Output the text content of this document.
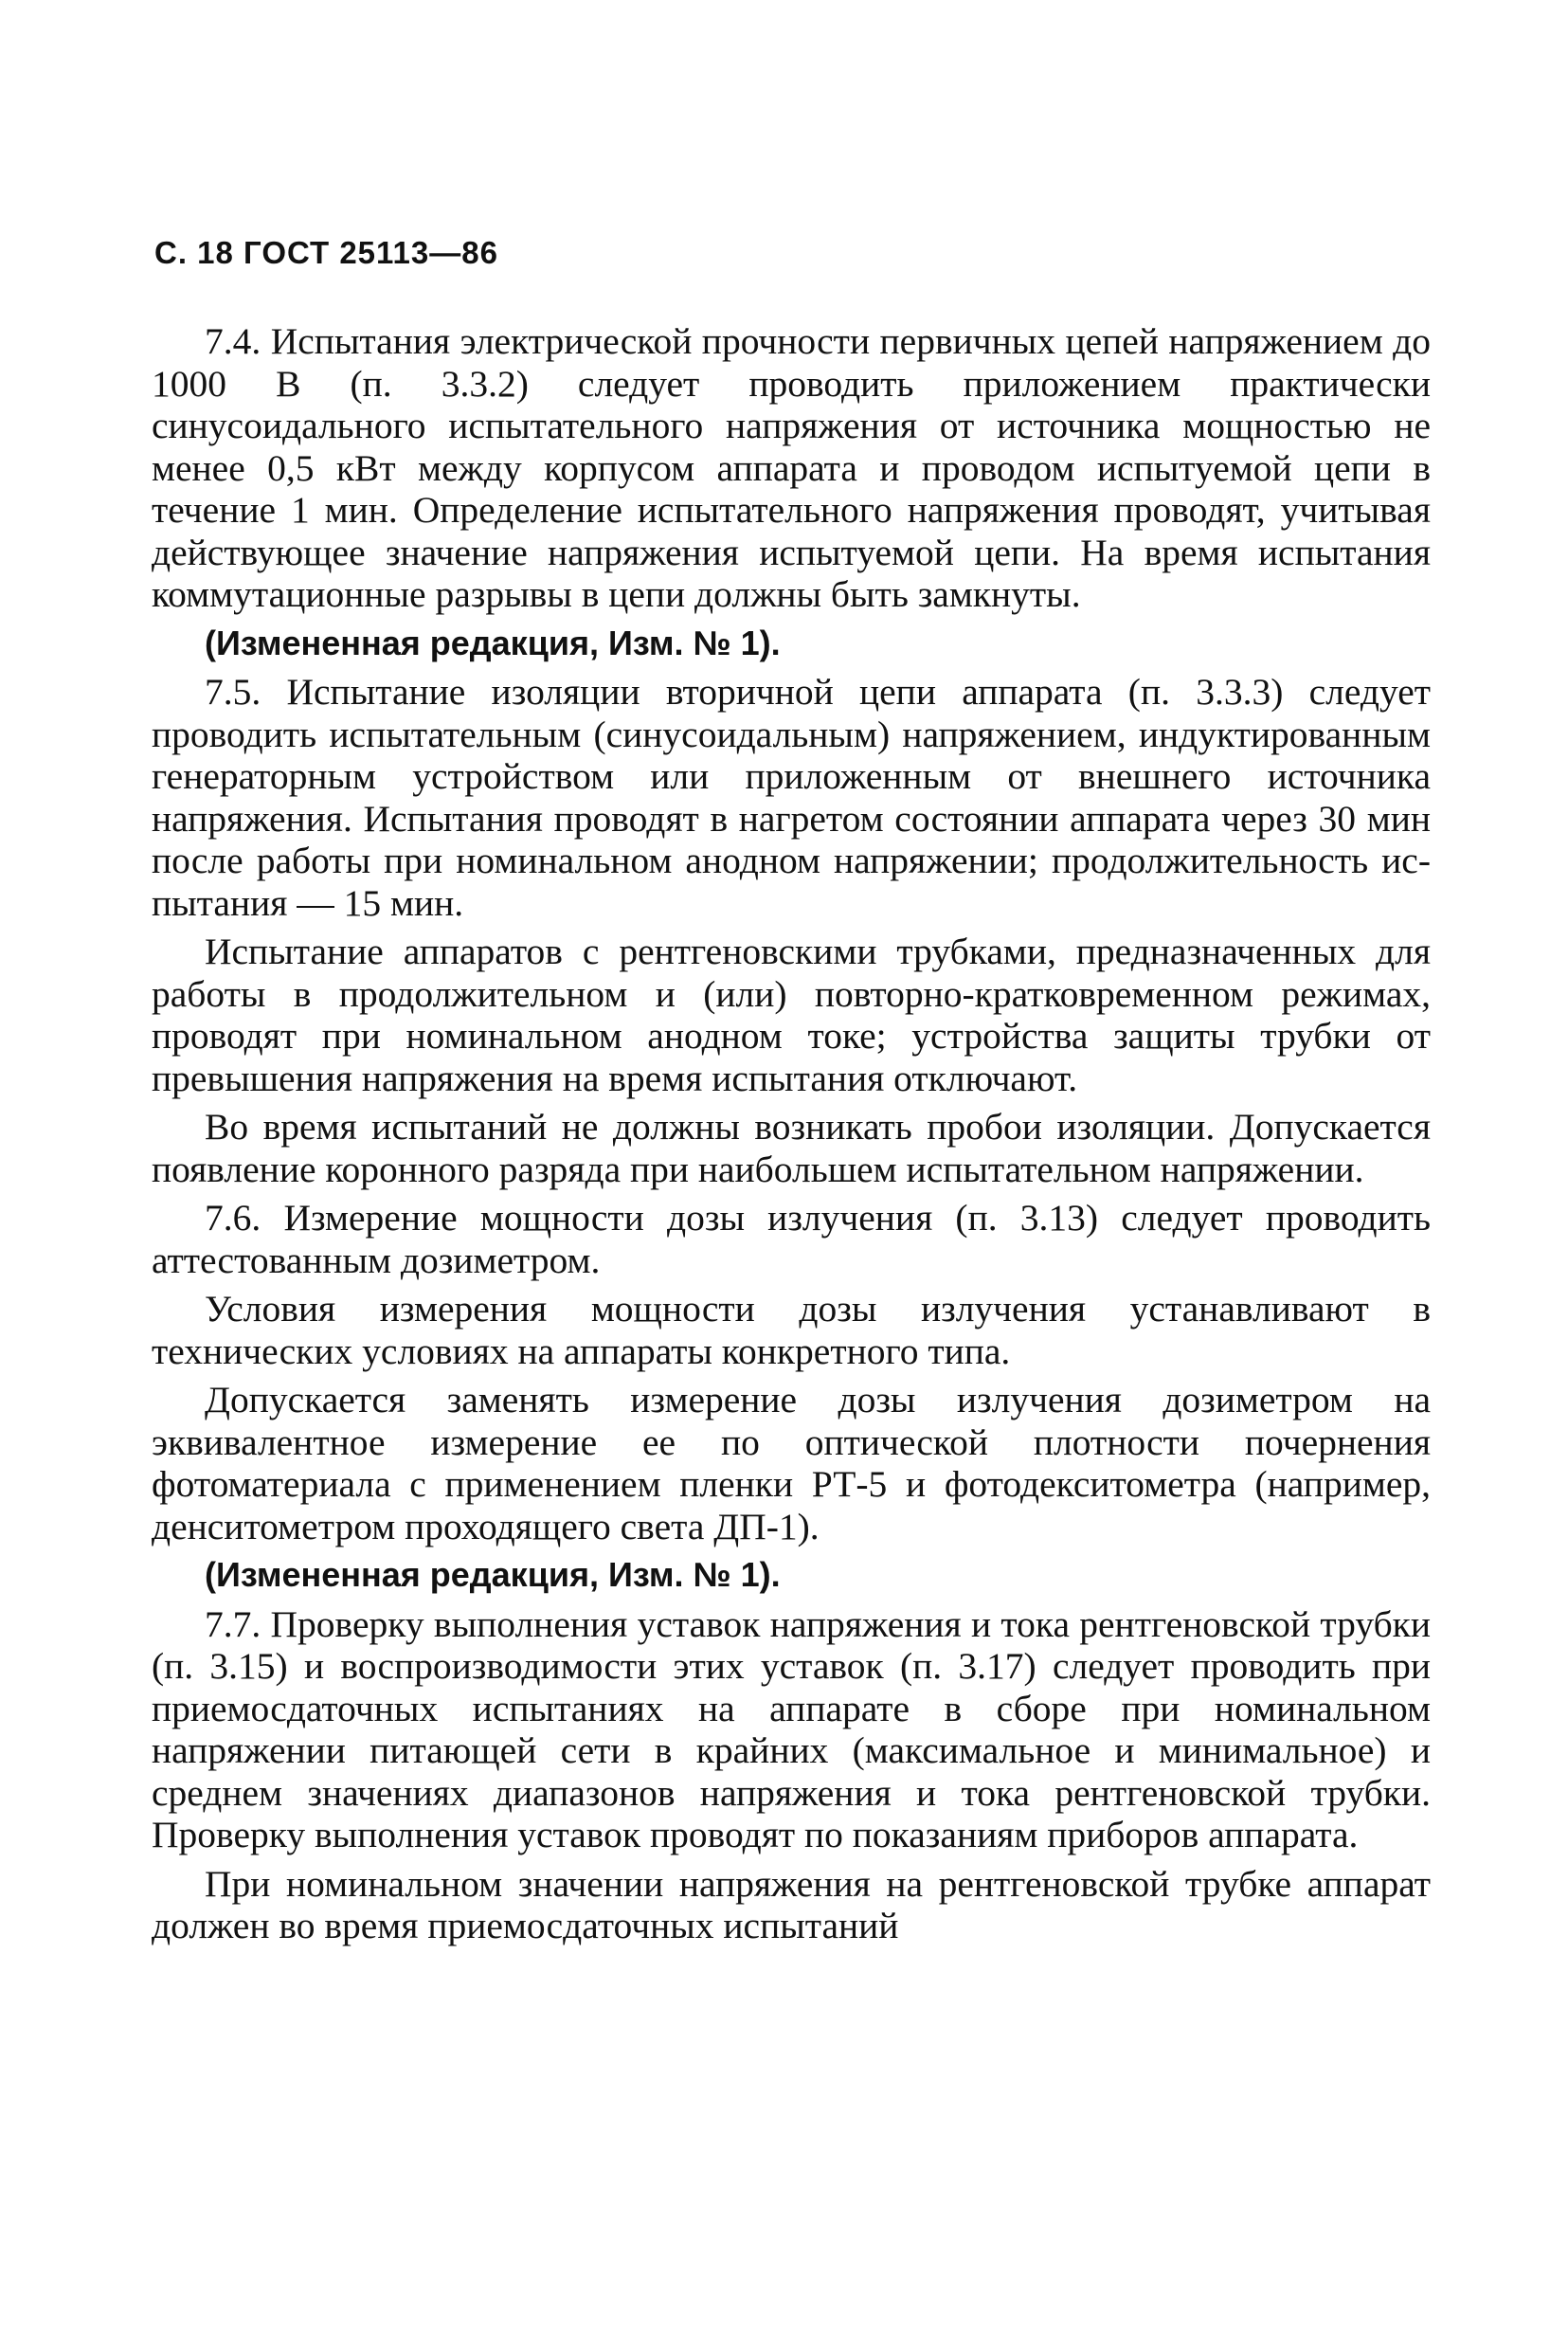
С. 18 ГОСТ 25113—86

7.4. Испытания электрической прочности первичных цепей напряжением до 1000 В (п. 3.3.2) следует проводить приложением практически синусоидального испытательного напряжения от источника мощностью не менее 0,5 кВт между корпусом аппарата и проводом испытуемой цепи в течение 1 мин. Определение испытательного напряжения проводят, учитывая действующее значение напряжения испытуемой цепи. На время испытания коммутационные разрывы в цепи должны быть замкнуты.

(Измененная редакция, Изм. № 1).

7.5. Испытание изоляции вторичной цепи аппарата (п. 3.3.3) следует проводить испытательным (синусоидальным) напряжением, индуктированным генераторным устройством или приложенным от внешнего источника напряжения. Испытания проводят в нагретом состоянии аппарата через 30 мин после работы при номинальном анодном напряжении; продолжительность испытания — 15 мин.

Испытание аппаратов с рентгеновскими трубками, предназначенных для работы в продолжительном и (или) повторно-кратковременном режимах, проводят при номинальном анодном токе; устройства защиты трубки от превышения напряжения на время испытания отключают.

Во время испытаний не должны возникать пробои изоляции. Допускается появление коронного разряда при наибольшем испытательном напряжении.

7.6. Измерение мощности дозы излучения (п. 3.13) следует проводить аттестованным дозиметром.

Условия измерения мощности дозы излучения устанавливают в технических условиях на аппараты конкретного типа.

Допускается заменять измерение дозы излучения дозиметром на эквивалентное измерение ее по оптической плотности почернения фотоматериала с применением пленки РТ-5 и фотодекситометра (например, денситометром проходящего света ДП-1).

(Измененная редакция, Изм. № 1).

7.7. Проверку выполнения уставок напряжения и тока рентгеновской трубки (п. 3.15) и воспроизводимости этих уставок (п. 3.17) следует проводить при приемосдаточных испытаниях на аппарате в сборе при номинальном напряжении питающей сети в крайних (максимальное и минимальное) и среднем значениях диапазонов напряжения и тока рентгеновской трубки. Проверку выполнения уставок проводят по показаниям приборов аппарата.

При номинальном значении напряжения на рентгеновской трубке аппарат должен во время приемосдаточных испытаний
